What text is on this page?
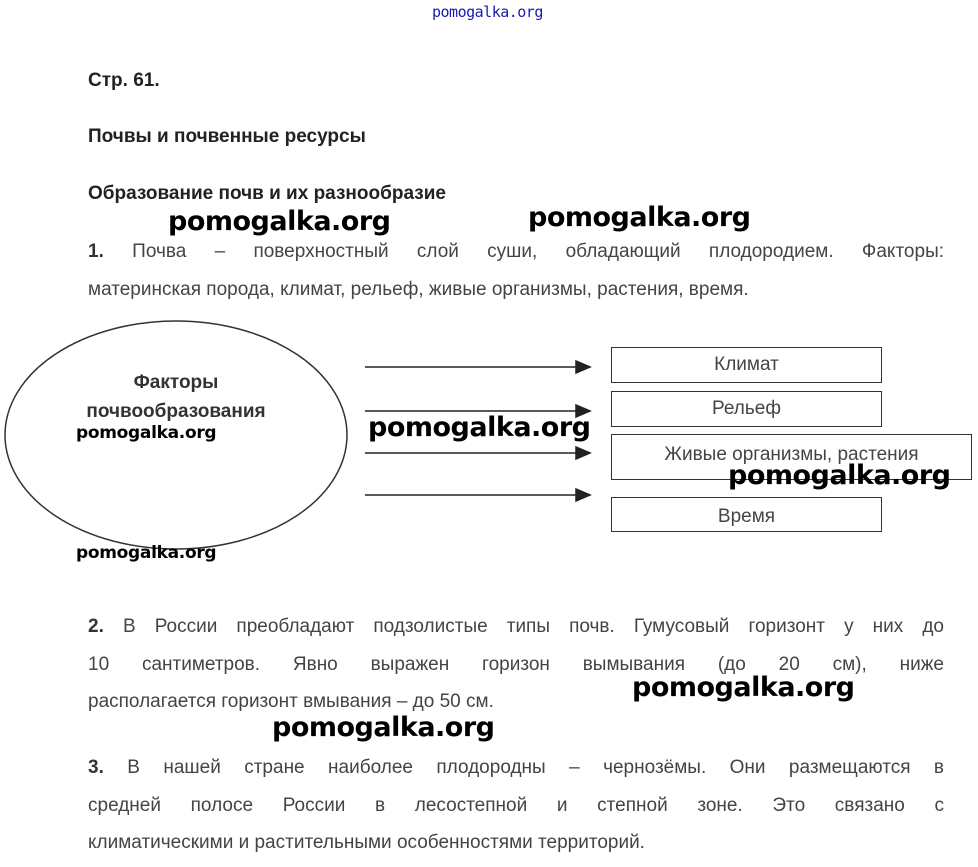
pomogalka.org
Стр. 61.
Почвы и почвенные ресурсы
Образование почв и их разнообразие
1. Почва – поверхностный слой суши, обладающий плодородием. Факторы:
материнская порода, климат, рельеф, живые организмы, растения, время.
Факторы
почвообразования
Климат
Рельеф
Живые организмы, растения
Время
2. В России преобладают подзолистые типы почв. Гумусовый горизонт у них до
10 сантиметров. Явно выражен горизон вымывания (до 20 см), ниже
располагается горизонт вмывания – до 50 см.
3. В нашей стране наиболее плодородны – чернозёмы. Они размещаются в
средней полосе России в лесостепной и степной зоне. Это связано с
климатическими и растительными особенностями территорий.
pomogalka.org	pomogalka.org
pomogalka.org	pomogalka.org
pomogalka.org
pomogalka.org
pomogalka.org
pomogalka.org
